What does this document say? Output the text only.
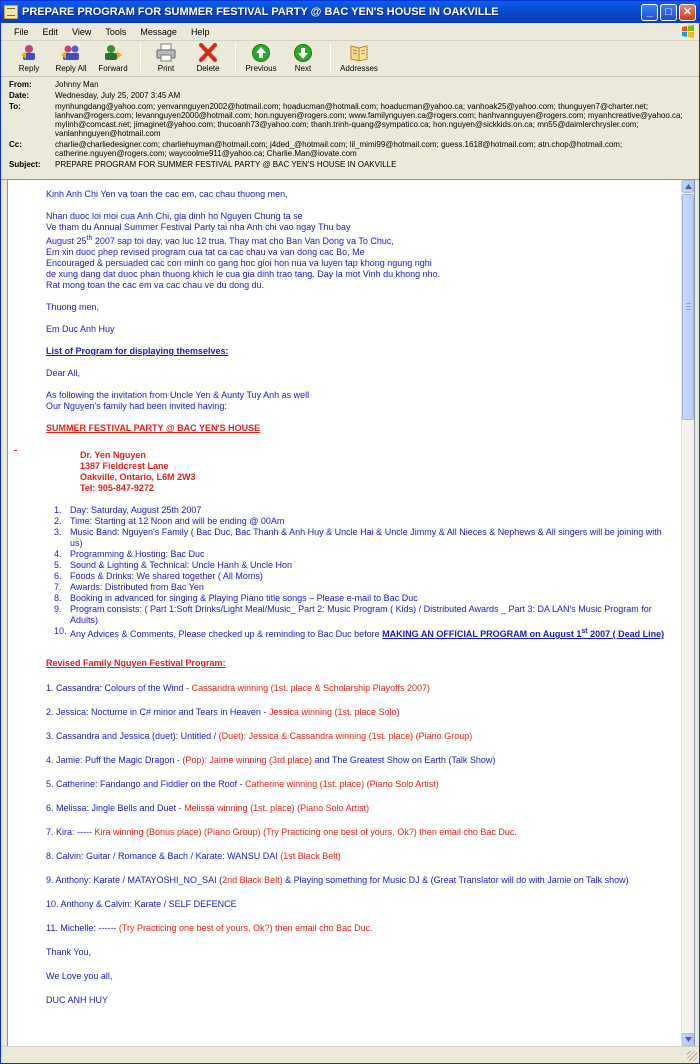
PREPARE PROGRAM FOR SUMMER FESTIVAL PARTY @ BAC YEN'S HOUSE IN OAKVILLE	_	□	✕
File	Edit	View	Tools	Message	Help
Reply Reply All Forward	Print	Delete	Previous Next	Addresses
From:	Johnny Man
Date:	Wednesday, July 25, 2007 3:45 AM
To:	mynhungdang@yahoo.com; yenvannguyen2002@hotmail.com; hoaducman@hotmail.com; hoaducman@yahoo.ca; vanhoak25@yahoo.com; thunguyen7@charter.net; lanhvan@rogers.com; levannguyen2000@hotmail.com; hon.nguyen@rogers.com; www.familynguyen.ca@rogers.com; hanhvannguyen@rogers.com; myanhcreative@yahoo.ca; mylinh@comcast.net; jimaginet@yahoo.com; thucoanh73@yahoo.com; thanh.trinh-quang@sympatico.ca; hon.nguyen@sickkids.on.ca; mn55@daimlerchrysler.com; vanlanhnguyen@hotmail.com
Cc:	charlie@charliedesigner.com; charliehuyman@hotmail.com; j4ded_@hotmail.com; lil_mimi99@hotmail.com; guess.1618@hotmail.com; atn.chop@hotmail.com; catherine.nguyen@rogers.com; waycoolme911@yahoo.ca; Charlie.Man@iovate.com
Subject:	PREPARE PROGRAM FOR SUMMER FESTIVAL PARTY @ BAC YEN'S HOUSE IN OAKVILLE
Kinh Anh Chi Yen va toan the cac em, cac chau thuong men,
Nhan duoc loi moi cua Anh Chi, gia dinh ho Nguyen Chung ta se
Ve tham du Annual Summer Festival Party tai nha Anh chi vao ngay Thu bay
August 25th 2007 sap toi day, vao luc 12 trua. Thay mat cho Ban Van Dong va To Chuc,
Em xin duoc phep revised program cua tat ca cac chau va van dong cac Bo, Me
Encouraged & persuaded cac con minh co gang hoc gioi hon nua va luyen tap khong ngung nghi
de xung dang dat duoc phan thuong khich le cua gia dinh trao tang. Day la mot Vinh du khong nho.
Rat mong toan the cac em va cac chau ve du dong du.
Thuong men,
Em Duc Anh Huy
List of Program for displaying themselves:
Dear All,
As following the invitation from Uncle Yen & Aunty Tuy Anh as well
Our Nguyen's family had been invited having:
SUMMER FESTIVAL PARTY @ BAC YEN'S HOUSE
Dr. Yen Nguyen
1387 Fieldcrest Lane
Oakville, Ontario, L6M 2W3
Tel: 905-847-9272
1. Day: Saturday, August 25th 2007
2. Time: Starting at 12 Noon and will be ending @ 00Am
3. Music Band: Nguyen's Family ( Bac Duc, Bac Thanh & Anh Huy & Uncle Hai & Uncle Jimmy & All Nieces & Nephews & All singers will be joining with us)
4. Programming & Hosting: Bac Duc
5. Sound & Lighting & Technical: Uncle Hanh & Uncle Hon
6. Foods & Drinks: We shared together ( All Moms)
7. Awards: Distributed from Bac Yen
8. Booking in advanced for singing & Playing Piano title songs – Please e-mail to Bac Duc
9. Program consists: ( Part 1:Soft Drinks/Light Meal/Music_ Part 2: Music Program ( Kids) / Distributed Awards _ Part 3: DA LAN's Music Program for Adults)
10. Any Advices & Comments, Please checked up & reminding to Bac Duc before MAKING AN OFFICIAL PROGRAM on August 1st 2007 ( Dead Line)
Revised Family Nguyen Festival Program:
1. Cassandra: Colours of the Wind - Cassandra winning (1st. place & Scholarship Playoffs 2007)
2. Jessica: Nocturne in C# minor and Tears in Heaven - Jessica winning (1st. place Solo)
3. Cassandra and Jessica (duet): Untitled / (Duet): Jessica & Cassandra winning (1st. place) (Piano Group)
4. Jamie: Puff the Magic Dragon - (Pop): Jaime winning (3rd place) and The Greatest Show on Earth (Talk Show)
5. Catherine: Fandango and Fiddler on the Roof - Catherine winning (1st. place) (Piano Solo Artist)
6. Melissa: Jingle Bells and Duet - Melissa winning (1st. place) (Piano Solo Artist)
7. Kira: ----- Kira winning (Bonus place) (Piano Group) (Try Practicing one best of yours, Ok?) then email cho Bac Duc.
8. Calvin: Guitar / Romance & Bach / Karate: WANSU DAI (1st Black Belt)
9. Anthony: Karate / MATAYOSHI_NO_SAI (2nd Black Belt) & Playing something for Music DJ & (Great Translator will do with Jamie on Talk show)
10. Anthony & Calvin: Karate / SELF DEFENCE
11. Michelle: ------ (Try Practicing one best of yours, Ok?) then email cho Bac Duc.
Thank You,
We Love you all,
DUC ANH HUY
